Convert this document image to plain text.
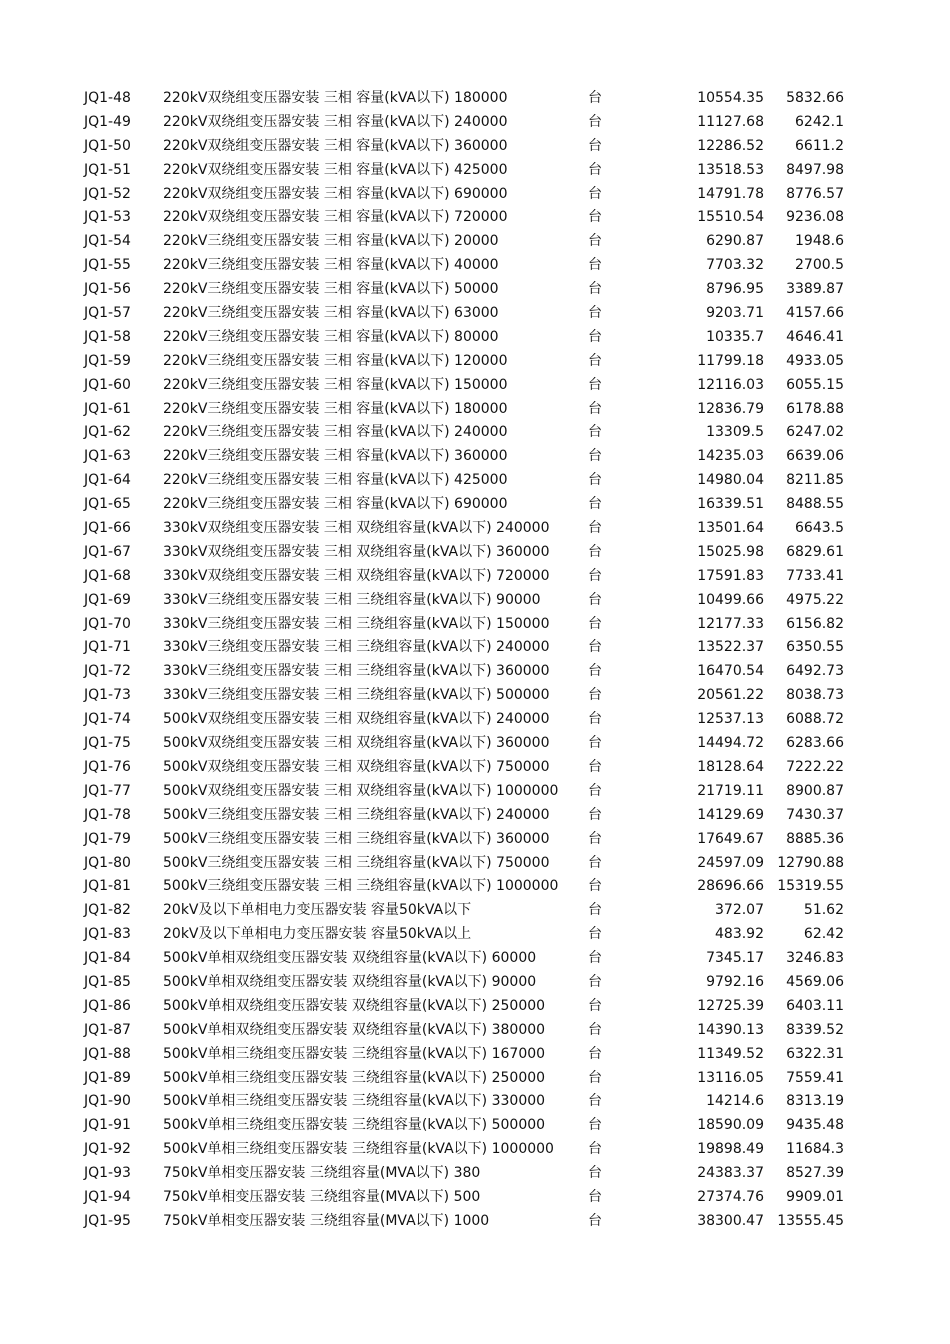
JQ1-48 220kV双绕组变压器安装 三相 容量(kVA以下) 180000	台	10554.35 5832.66
JQ1-49 220kV双绕组变压器安装 三相 容量(kVA以下) 240000	台	11127.68 6242.1
JQ1-50 220kV双绕组变压器安装 三相 容量(kVA以下) 360000	台	12286.52 6611.2
JQ1-51 220kV双绕组变压器安装 三相 容量(kVA以下) 425000	台	13518.53 8497.98
JQ1-52 220kV双绕组变压器安装 三相 容量(kVA以下) 690000	台	14791.78 8776.57
JQ1-53 220kV双绕组变压器安装 三相 容量(kVA以下) 720000	台	15510.54 9236.08
JQ1-54 220kV三绕组变压器安装 三相 容量(kVA以下) 20000	台	6290.87 1948.6
JQ1-55 220kV三绕组变压器安装 三相 容量(kVA以下) 40000	台	7703.32 2700.5
JQ1-56 220kV三绕组变压器安装 三相 容量(kVA以下) 50000	台	8796.95 3389.87
JQ1-57 220kV三绕组变压器安装 三相 容量(kVA以下) 63000	台	9203.71 4157.66
JQ1-58 220kV三绕组变压器安装 三相 容量(kVA以下) 80000	台	10335.7 4646.41
JQ1-59 220kV三绕组变压器安装 三相 容量(kVA以下) 120000	台	11799.18 4933.05
JQ1-60 220kV三绕组变压器安装 三相 容量(kVA以下) 150000	台	12116.03 6055.15
JQ1-61 220kV三绕组变压器安装 三相 容量(kVA以下) 180000	台	12836.79 6178.88
JQ1-62 220kV三绕组变压器安装 三相 容量(kVA以下) 240000	台	13309.5 6247.02
JQ1-63 220kV三绕组变压器安装 三相 容量(kVA以下) 360000	台	14235.03 6639.06
JQ1-64 220kV三绕组变压器安装 三相 容量(kVA以下) 425000	台	14980.04 8211.85
JQ1-65 220kV三绕组变压器安装 三相 容量(kVA以下) 690000	台	16339.51 8488.55
JQ1-66 330kV双绕组变压器安装 三相 双绕组容量(kVA以下) 240000	台	13501.64 6643.5
JQ1-67 330kV双绕组变压器安装 三相 双绕组容量(kVA以下) 360000	台	15025.98 6829.61
JQ1-68 330kV双绕组变压器安装 三相 双绕组容量(kVA以下) 720000	台	17591.83 7733.41
JQ1-69 330kV三绕组变压器安装 三相 三绕组容量(kVA以下) 90000	台	10499.66 4975.22
JQ1-70 330kV三绕组变压器安装 三相 三绕组容量(kVA以下) 150000	台	12177.33 6156.82
JQ1-71 330kV三绕组变压器安装 三相 三绕组容量(kVA以下) 240000	台	13522.37 6350.55
JQ1-72 330kV三绕组变压器安装 三相 三绕组容量(kVA以下) 360000	台	16470.54 6492.73
JQ1-73 330kV三绕组变压器安装 三相 三绕组容量(kVA以下) 500000	台	20561.22 8038.73
JQ1-74 500kV双绕组变压器安装 三相 双绕组容量(kVA以下) 240000	台	12537.13 6088.72
JQ1-75 500kV双绕组变压器安装 三相 双绕组容量(kVA以下) 360000	台	14494.72 6283.66
JQ1-76 500kV双绕组变压器安装 三相 双绕组容量(kVA以下) 750000	台	18128.64 7222.22
JQ1-77 500kV双绕组变压器安装 三相 双绕组容量(kVA以下) 1000000 台	21719.11 8900.87
JQ1-78 500kV三绕组变压器安装 三相 三绕组容量(kVA以下) 240000	台	14129.69 7430.37
JQ1-79 500kV三绕组变压器安装 三相 三绕组容量(kVA以下) 360000	台	17649.67 8885.36
JQ1-80 500kV三绕组变压器安装 三相 三绕组容量(kVA以下) 750000	台	24597.09 12790.88
JQ1-81 500kV三绕组变压器安装 三相 三绕组容量(kVA以下) 1000000 台	28696.66 15319.55
JQ1-82 20kV及以下单相电力变压器安装 容量50kVA以下	台	372.07	51.62
JQ1-83 20kV及以下单相电力变压器安装 容量50kVA以上	台	483.92	62.42
JQ1-84 500kV单相双绕组变压器安装 双绕组容量(kVA以下) 60000	台	7345.17 3246.83
JQ1-85 500kV单相双绕组变压器安装 双绕组容量(kVA以下) 90000	台	9792.16 4569.06
JQ1-86 500kV单相双绕组变压器安装 双绕组容量(kVA以下) 250000	台	12725.39 6403.11
JQ1-87 500kV单相双绕组变压器安装 双绕组容量(kVA以下) 380000	台	14390.13 8339.52
JQ1-88 500kV单相三绕组变压器安装 三绕组容量(kVA以下) 167000	台	11349.52 6322.31
JQ1-89 500kV单相三绕组变压器安装 三绕组容量(kVA以下) 250000	台	13116.05 7559.41
JQ1-90 500kV单相三绕组变压器安装 三绕组容量(kVA以下) 330000	台	14214.6 8313.19
JQ1-91 500kV单相三绕组变压器安装 三绕组容量(kVA以下) 500000	台	18590.09 9435.48
JQ1-92 500kV单相三绕组变压器安装 三绕组容量(kVA以下) 1000000 台	19898.49 11684.3
JQ1-93 750kV单相变压器安装 三绕组容量(MVA以下) 380	台	24383.37 8527.39
JQ1-94 750kV单相变压器安装 三绕组容量(MVA以下) 500	台	27374.76 9909.01
JQ1-95 750kV单相变压器安装 三绕组容量(MVA以下) 1000	台	38300.47 13555.45
